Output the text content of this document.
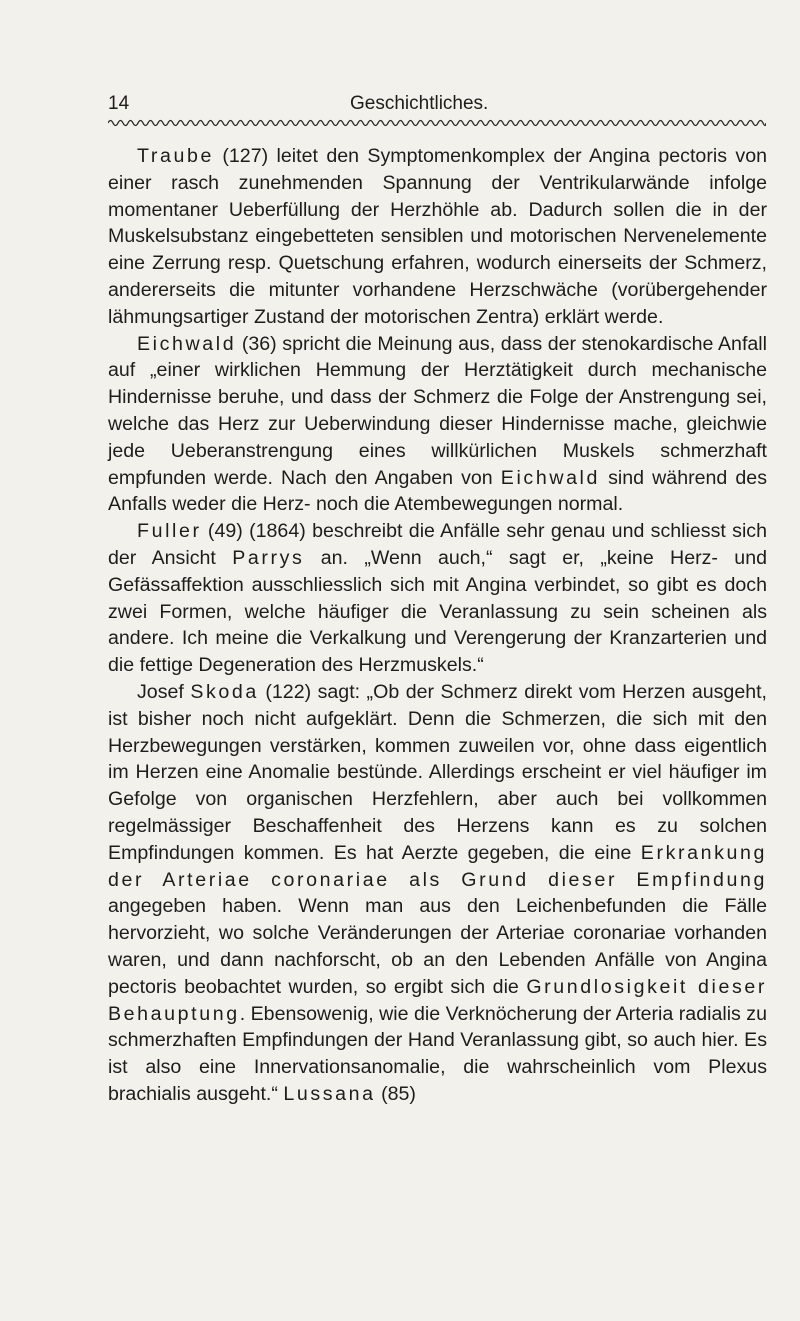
14	Geschichtliches.

Traube (127) leitet den Symptomenkomplex der Angina pectoris von einer rasch zunehmenden Spannung der Ventrikularwände infolge momentaner Ueberfüllung der Herzhöhle ab. Dadurch sollen die in der Muskelsubstanz eingebetteten sensiblen und motorischen Nervenelemente eine Zerrung resp. Quetschung erfahren, wodurch einerseits der Schmerz, andererseits die mitunter vorhandene Herzschwäche (vorübergehender lähmungsartiger Zustand der motorischen Zentra) erklärt werde.

Eichwald (36) spricht die Meinung aus, dass der stenokardische Anfall auf „einer wirklichen Hemmung der Herztätigkeit durch mechanische Hindernisse beruhe, und dass der Schmerz die Folge der Anstrengung sei, welche das Herz zur Ueberwindung dieser Hindernisse mache, gleichwie jede Ueberanstrengung eines willkürlichen Muskels schmerzhaft empfunden werde. Nach den Angaben von Eichwald sind während des Anfalls weder die Herz- noch die Atembewegungen normal.

Fuller (49) (1864) beschreibt die Anfälle sehr genau und schliesst sich der Ansicht Parrys an. „Wenn auch,“ sagt er, „keine Herz- und Gefässaffektion ausschliesslich sich mit Angina verbindet, so gibt es doch zwei Formen, welche häufiger die Veranlassung zu sein scheinen als andere. Ich meine die Verkalkung und Verengerung der Kranzarterien und die fettige Degeneration des Herzmuskels.“

Josef Skoda (122) sagt: „Ob der Schmerz direkt vom Herzen ausgeht, ist bisher noch nicht aufgeklärt. Denn die Schmerzen, die sich mit den Herzbewegungen verstärken, kommen zuweilen vor, ohne dass eigentlich im Herzen eine Anomalie bestünde. Allerdings erscheint er viel häufiger im Gefolge von organischen Herzfehlern, aber auch bei vollkommen regelmässiger Beschaffenheit des Herzens kann es zu solchen Empfindungen kommen. Es hat Aerzte gegeben, die eine Erkrankung der Arteriae coronariae als Grund dieser Empfindung angegeben haben. Wenn man aus den Leichenbefunden die Fälle hervorzieht, wo solche Veränderungen der Arteriae coronariae vorhanden waren, und dann nachforscht, ob an den Lebenden Anfälle von Angina pectoris beobachtet wurden, so ergibt sich die Grundlosigkeit dieser Behauptung. Ebensowenig, wie die Verknöcherung der Arteria radialis zu schmerzhaften Empfindungen der Hand Veranlassung gibt, so auch hier. Es ist also eine Innervationsanomalie, die wahrscheinlich vom Plexus brachialis ausgeht.“ Lussana (85)
